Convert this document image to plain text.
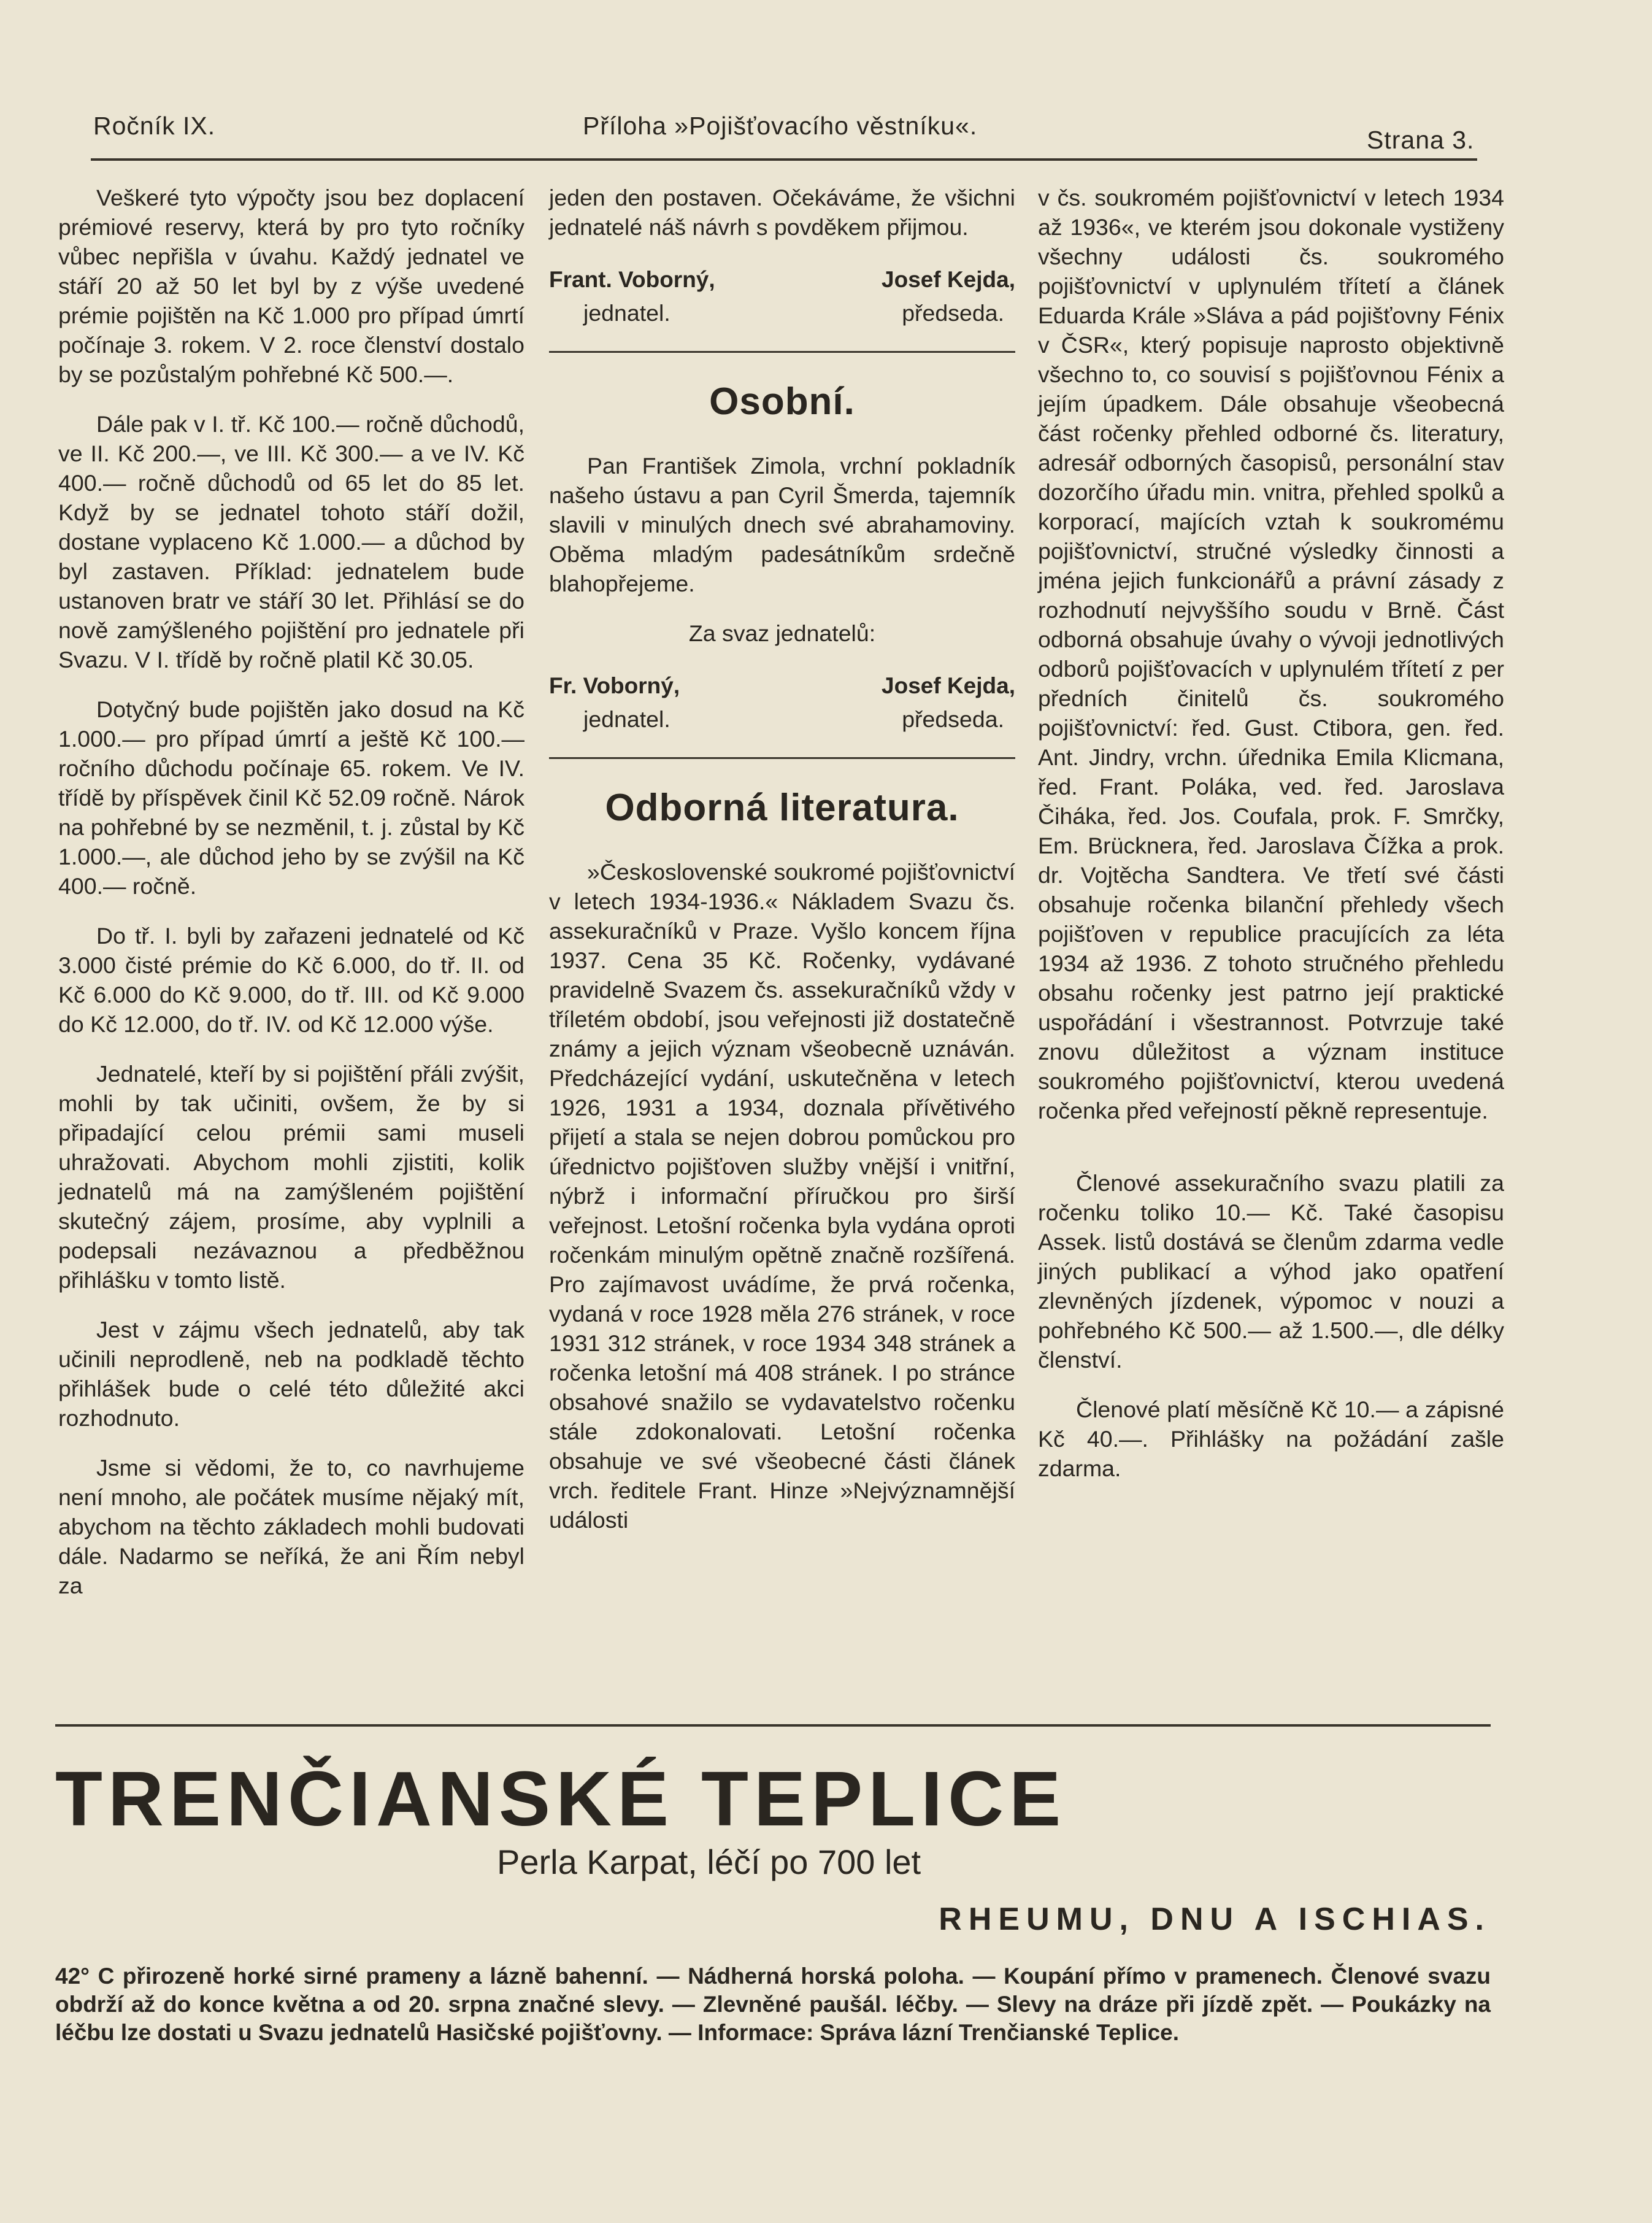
Ročník IX.	Příloha »Pojišťovacího věstníku«.	Strana 3.

Veškeré tyto výpočty jsou bez doplacení prémiové reservy, která by pro tyto ročníky vůbec nepřišla v úvahu. Každý jednatel ve stáří 20 až 50 let byl by z výše uvedené prémie pojištěn na Kč 1.000 pro případ úmrtí počínaje 3. rokem. V 2. roce členství dostalo by se pozůstalým pohřebné Kč 500.—.

Dále pak v I. tř. Kč 100.— ročně důchodů, ve II. Kč 200.—, ve III. Kč 300.— a ve IV. Kč 400.— ročně důchodů od 65 let do 85 let. Když by se jednatel tohoto stáří dožil, dostane vyplaceno Kč 1.000.— a důchod by byl zastaven. Příklad: jednatelem bude ustanoven bratr ve stáří 30 let. Přihlásí se do nově zamýšleného pojištění pro jednatele při Svazu. V I. třídě by ročně platil Kč 30.05.

Dotyčný bude pojištěn jako dosud na Kč 1.000.— pro případ úmrtí a ještě Kč 100.— ročního důchodu počínaje 65. rokem. Ve IV. třídě by příspěvek činil Kč 52.09 ročně. Nárok na pohřebné by se nezměnil, t. j. zůstal by Kč 1.000.—, ale důchod jeho by se zvýšil na Kč 400.— ročně.

Do tř. I. byli by zařazeni jednatelé od Kč 3.000 čisté prémie do Kč 6.000, do tř. II. od Kč 6.000 do Kč 9.000, do tř. III. od Kč 9.000 do Kč 12.000, do tř. IV. od Kč 12.000 výše.

Jednatelé, kteří by si pojištění přáli zvýšit, mohli by tak učiniti, ovšem, že by si připadající celou prémii sami museli uhražovati. Abychom mohli zjistiti, kolik jednatelů má na zamýšleném pojištění skutečný zájem, prosíme, aby vyplnili a podepsali nezávaznou a předběžnou přihlášku v tomto listě.

Jest v zájmu všech jednatelů, aby tak učinili neprodleně, neb na podkladě těchto přihlášek bude o celé této důležité akci rozhodnuto.

Jsme si vědomi, že to, co navrhujeme není mnoho, ale počátek musíme nějaký mít, abychom na těchto základech mohli budovati dále. Nadarmo se neříká, že ani Řím nebyl za

jeden den postaven. Očekáváme, že všichni jednatelé náš návrh s povděkem přijmou.

Frant. Voborný,	Josef Kejda,
jednatel.	předseda.
Osobní.

Pan František Zimola, vrchní pokladník našeho ústavu a pan Cyril Šmerda, tajemník slavili v minulých dnech své abrahamoviny. Oběma mladým padesátníkům srdečně blahopřejeme.

Za svaz jednatelů:
Fr. Voborný,	Josef Kejda,
jednatel.	předseda.
Odborná literatura.

»Československé soukromé pojišťovnictví v letech 1934-1936.« Nákladem Svazu čs. assekuračníků v Praze. Vyšlo koncem října 1937. Cena 35 Kč. Ročenky, vydávané pravidelně Svazem čs. assekuračníků vždy v tříletém období, jsou veřejnosti již dostatečně známy a jejich význam všeobecně uznáván. Předcházející vydání, uskutečněna v letech 1926, 1931 a 1934, doznala přívětivého přijetí a stala se nejen dobrou pomůckou pro úřednictvo pojišťoven služby vnější i vnitřní, nýbrž i informační příručkou pro širší veřejnost. Letošní ročenka byla vydána oproti ročenkám minulým opětně značně rozšířená. Pro zajímavost uvádíme, že prvá ročenka, vydaná v roce 1928 měla 276 stránek, v roce 1931 312 stránek, v roce 1934 348 stránek a ročenka letošní má 408 stránek. I po stránce obsahové snažilo se vydavatelstvo ročenku stále zdokonalovati. Letošní ročenka obsahuje ve své všeobecné části článek vrch. ředitele Frant. Hinze »Nejvýznamnější události

v čs. soukromém pojišťovnictví v letech 1934 až 1936«, ve kterém jsou dokonale vystiženy všechny události čs. soukromého pojišťovnictví v uplynulém třítetí a článek Eduarda Krále »Sláva a pád pojišťovny Fénix v ČSR«, který popisuje naprosto objektivně všechno to, co souvisí s pojišťovnou Fénix a jejím úpadkem. Dále obsahuje všeobecná část ročenky přehled odborné čs. literatury, adresář odborných časopisů, personální stav dozorčího úřadu min. vnitra, přehled spolků a korporací, majících vztah k soukromému pojišťovnictví, stručné výsledky činnosti a jména jejich funkcionářů a právní zásady z rozhodnutí nejvyššího soudu v Brně. Část odborná obsahuje úvahy o vývoji jednotlivých odborů pojišťovacích v uplynulém třítetí z per předních činitelů čs. soukromého pojišťovnictví: řed. Gust. Ctibora, gen. řed. Ant. Jindry, vrchn. úřednika Emila Klicmana, řed. Frant. Poláka, ved. řed. Jaroslava Čiháka, řed. Jos. Coufala, prok. F. Smrčky, Em. Brücknera, řed. Jaroslava Čížka a prok. dr. Vojtěcha Sandtera. Ve třetí své části obsahuje ročenka bilanční přehledy všech pojišťoven v republice pracujících za léta 1934 až 1936. Z tohoto stručného přehledu obsahu ročenky jest patrno její praktické uspořádání i všestrannost. Potvrzuje také znovu důležitost a význam instituce soukromého pojišťovnictví, kterou uvedená ročenka před veřejností pěkně representuje.

Členové assekuračního svazu platili za ročenku toliko 10.— Kč. Také časopisu Assek. listů dostává se členům zdarma vedle jiných publikací a výhod jako opatření zlevněných jízdenek, výpomoc v nouzi a pohřebného Kč 500.— až 1.500.—, dle délky členství.

Členové platí měsíčně Kč 10.— a zápisné Kč 40.—. Přihlášky na požádání zašle zdarma.

TRENČIANSKÉ TEPLICE

Perla Karpat, léčí po 700 let

RHEUMU, DNU A ISCHIAS.

42° C přirozeně horké sirné prameny a lázně bahenní. — Nádherná horská poloha. — Koupání přímo v pramenech. Členové svazu obdrží až do konce května a od 20. srpna značné slevy. — Zlevněné paušál. léčby. — Slevy na dráze při jízdě zpět. — Poukázky na léčbu lze dostati u Svazu jednatelů Hasičské pojišťovny. — Informace: Správa lázní Trenčianské Teplice.
